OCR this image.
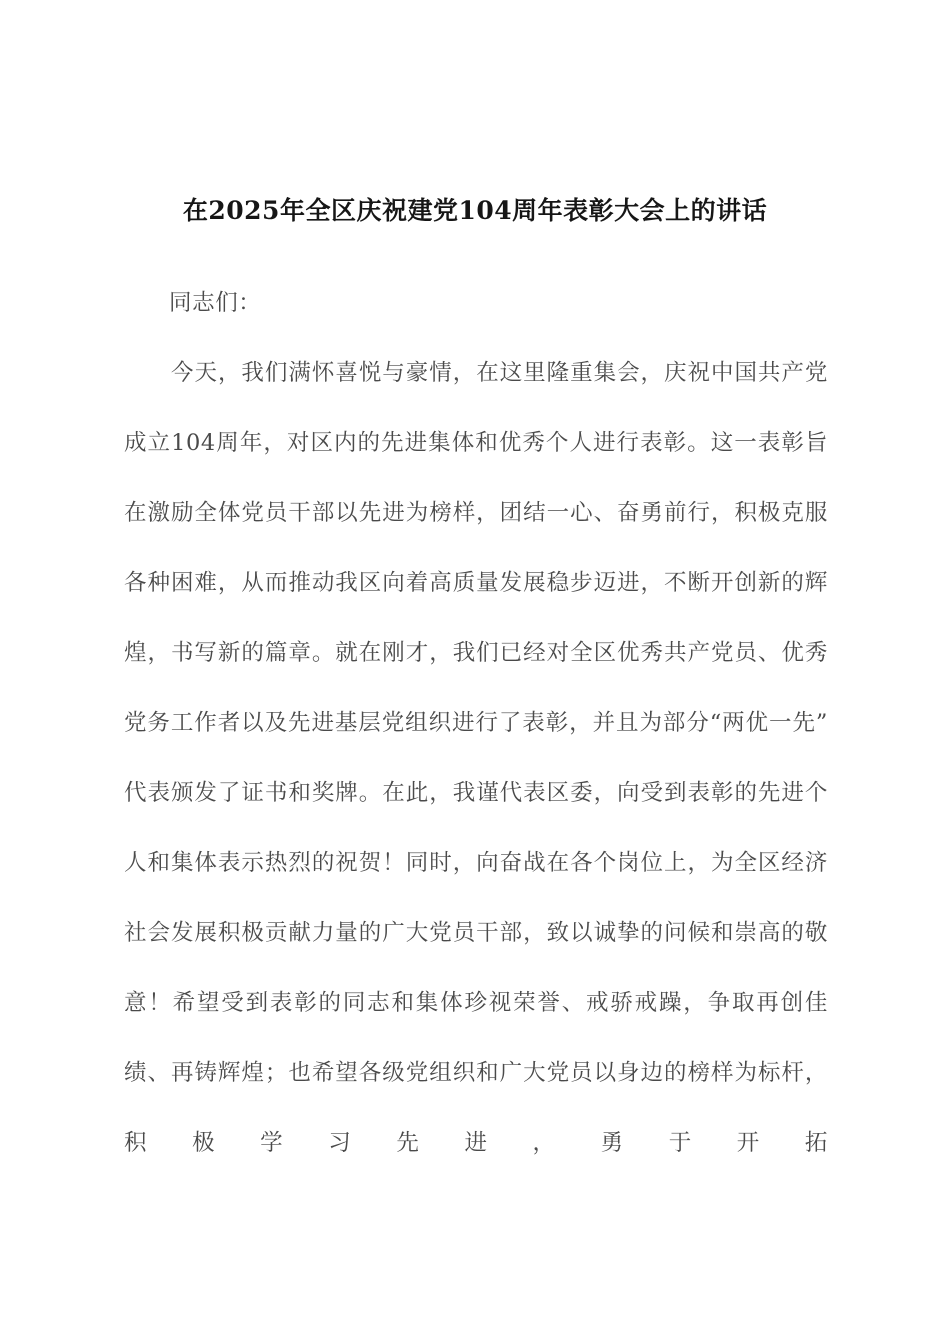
在2025年全区庆祝建党104周年表彰大会上的讲话

同志们：

今天，我们满怀喜悦与豪情，在这里隆重集会，庆祝中国共产党成立104周年，对区内的先进集体和优秀个人进行表彰。这一表彰旨在激励全体党员干部以先进为榜样，团结一心、奋勇前行，积极克服各种困难，从而推动我区向着高质量发展稳步迈进，不断开创新的辉煌，书写新的篇章。就在刚才，我们已经对全区优秀共产党员、优秀党务工作者以及先进基层党组织进行了表彰，并且为部分“两优一先”代表颁发了证书和奖牌。在此，我谨代表区委，向受到表彰的先进个人和集体表示热烈的祝贺！同时，向奋战在各个岗位上，为全区经济社会发展积极贡献力量的广大党员干部，致以诚挚的问候和崇高的敬意！希望受到表彰的同志和集体珍视荣誉、戒骄戒躁，争取再创佳绩、再铸辉煌；也希望各级党组织和广大党员以身边的榜样为标杆，积极学习先进，勇于开拓
